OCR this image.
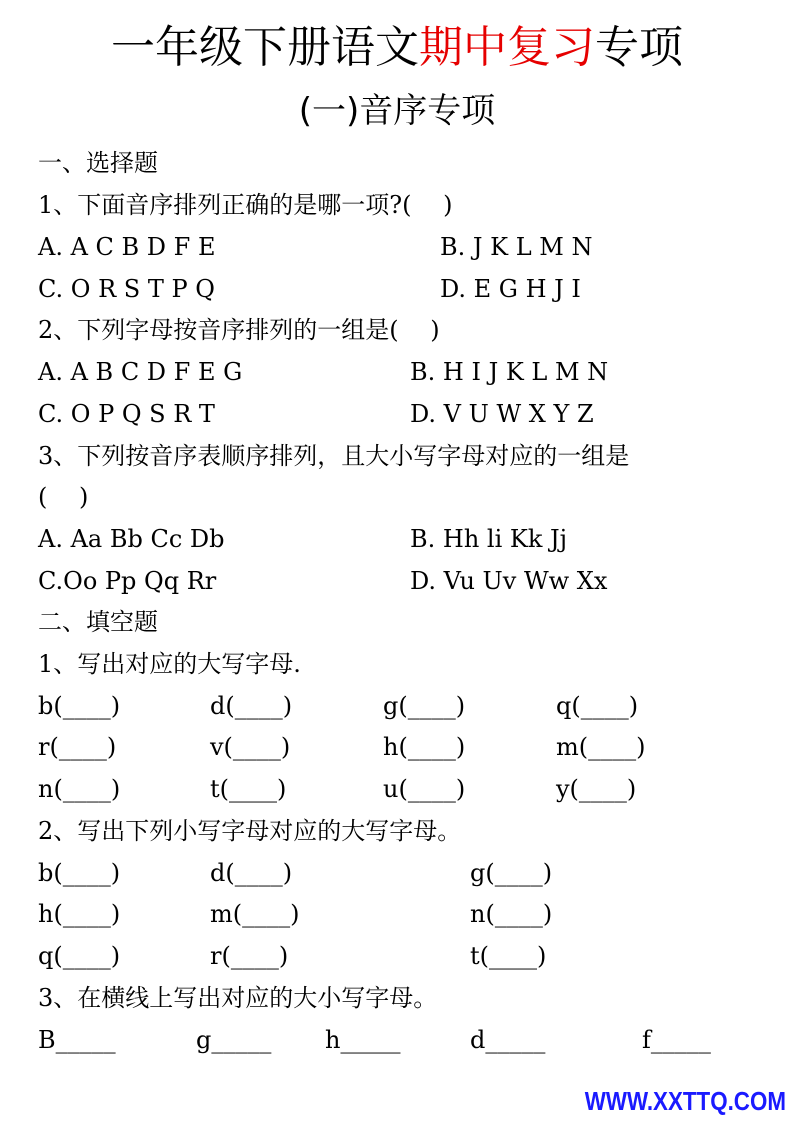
一年级下册语文期中复习专项
(一)音序专项
一、选择题
1、下面音序排列正确的是哪一项?(　 )
A. A C B D F E	B. J K L M N
C. O R S T P Q	D. E G H J I
2、下列字母按音序排列的一组是(　 )
A. A B C D F E G	B. H I J K L M N
C. O P Q S R T	D. V U W X Y Z
3、下列按音序表顺序排列，且大小写字母对应的一组是
(　 )
A. Aa Bb Cc Db	B. Hh li Kk Jj
C.Oo Pp Qq Rr	D. Vu Uv Ww Xx
二、填空题
1、写出对应的大写字母.
b(____)	d(____)	g(____)	q(____)
r(____)	v(____)	h(____)	m(____)
n(____)	t(____)	u(____)	y(____)
2、写出下列小写字母对应的大写字母。
b(____)	d(____)	g(____)
h(____)	m(____)	n(____)
q(____)	r(____)	t(____)
3、在横线上写出对应的大小写字母。
B_____	g_____ h_____	d_____	f_____
WWW.XXTTQ.COM
